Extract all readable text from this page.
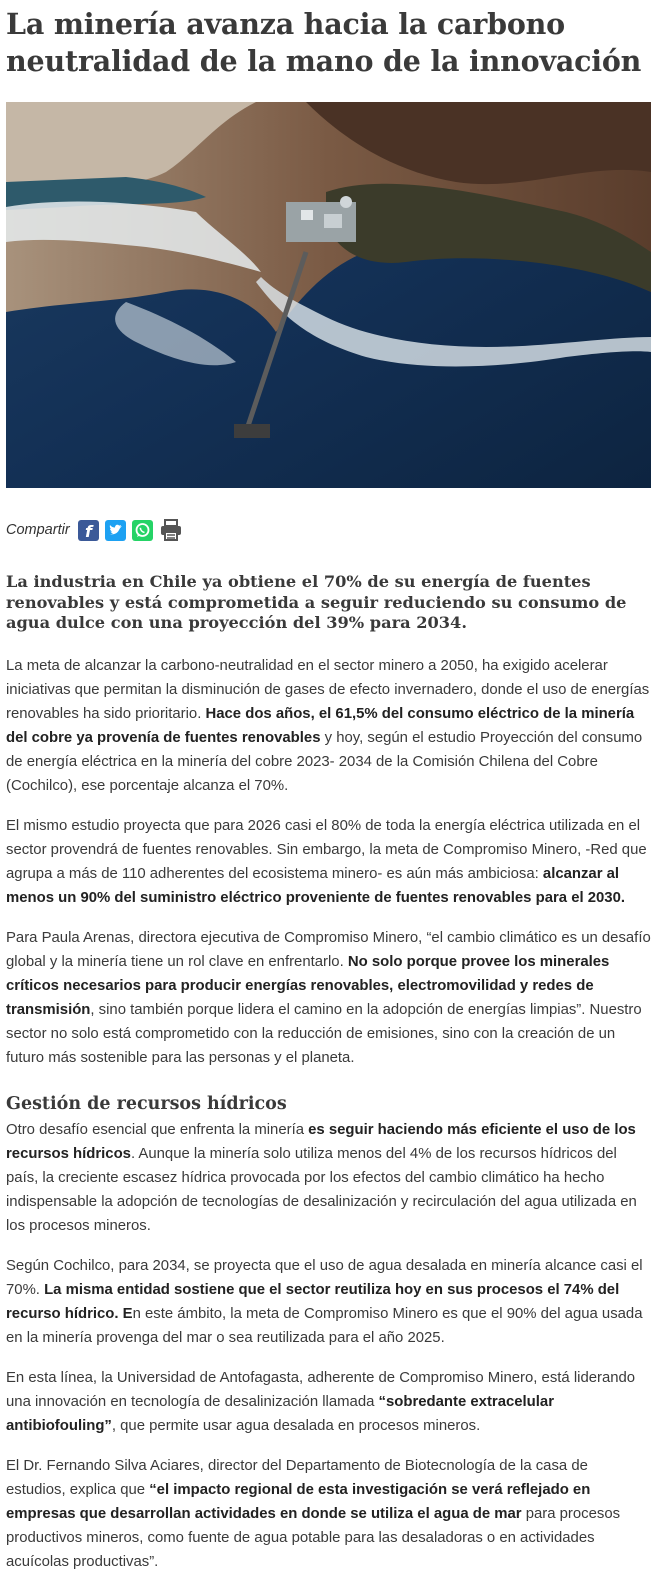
La minería avanza hacia la carbono neutralidad de la mano de la innovación
Compartir f

La industria en Chile ya obtiene el 70% de su energía de fuentes renovables y está comprometida a seguir reduciendo su consumo de agua dulce con una proyección del 39% para 2034.

La meta de alcanzar la carbono-neutralidad en el sector minero a 2050, ha exigido acelerar iniciativas que permitan la disminución de gases de efecto invernadero, donde el uso de energías renovables ha sido prioritario. Hace dos años, el 61,5% del consumo eléctrico de la minería del cobre ya provenía de fuentes renovables y hoy, según el estudio Proyección del consumo de energía eléctrica en la minería del cobre 2023- 2034 de la Comisión Chilena del Cobre (Cochilco), ese porcentaje alcanza el 70%.

El mismo estudio proyecta que para 2026 casi el 80% de toda la energía eléctrica utilizada en el sector provendrá de fuentes renovables. Sin embargo, la meta de Compromiso Minero, -Red que agrupa a más de 110 adherentes del ecosistema minero- es aún más ambiciosa: alcanzar al menos un 90% del suministro eléctrico proveniente de fuentes renovables para el 2030.

Para Paula Arenas, directora ejecutiva de Compromiso Minero, “el cambio climático es un desafío global y la minería tiene un rol clave en enfrentarlo. No solo porque provee los minerales críticos necesarios para producir energías renovables, electromovilidad y redes de transmisión, sino también porque lidera el camino en la adopción de energías limpias”. Nuestro sector no solo está comprometido con la reducción de emisiones, sino con la creación de un futuro más sostenible para las personas y el planeta.

Gestión de recursos hídricos

Otro desafío esencial que enfrenta la minería es seguir haciendo más eficiente el uso de los recursos hídricos. Aunque la minería solo utiliza menos del 4% de los recursos hídricos del país, la creciente escasez hídrica provocada por los efectos del cambio climático ha hecho indispensable la adopción de tecnologías de desalinización y recirculación del agua utilizada en los procesos mineros.

Según Cochilco, para 2034, se proyecta que el uso de agua desalada en minería alcance casi el 70%. La misma entidad sostiene que el sector reutiliza hoy en sus procesos el 74% del recurso hídrico. En este ámbito, la meta de Compromiso Minero es que el 90% del agua usada en la minería provenga del mar o sea reutilizada para el año 2025.

En esta línea, la Universidad de Antofagasta, adherente de Compromiso Minero, está liderando una innovación en tecnología de desalinización llamada “sobredante extracelular antibiofouling”, que permite usar agua desalada en procesos mineros.

El Dr. Fernando Silva Aciares, director del Departamento de Biotecnología de la casa de estudios, explica que “el impacto regional de esta investigación se verá reflejado en empresas que desarrollan actividades en donde se utiliza el agua de mar para procesos productivos mineros, como fuente de agua potable para las desaladoras o en actividades acuícolas productivas”.
